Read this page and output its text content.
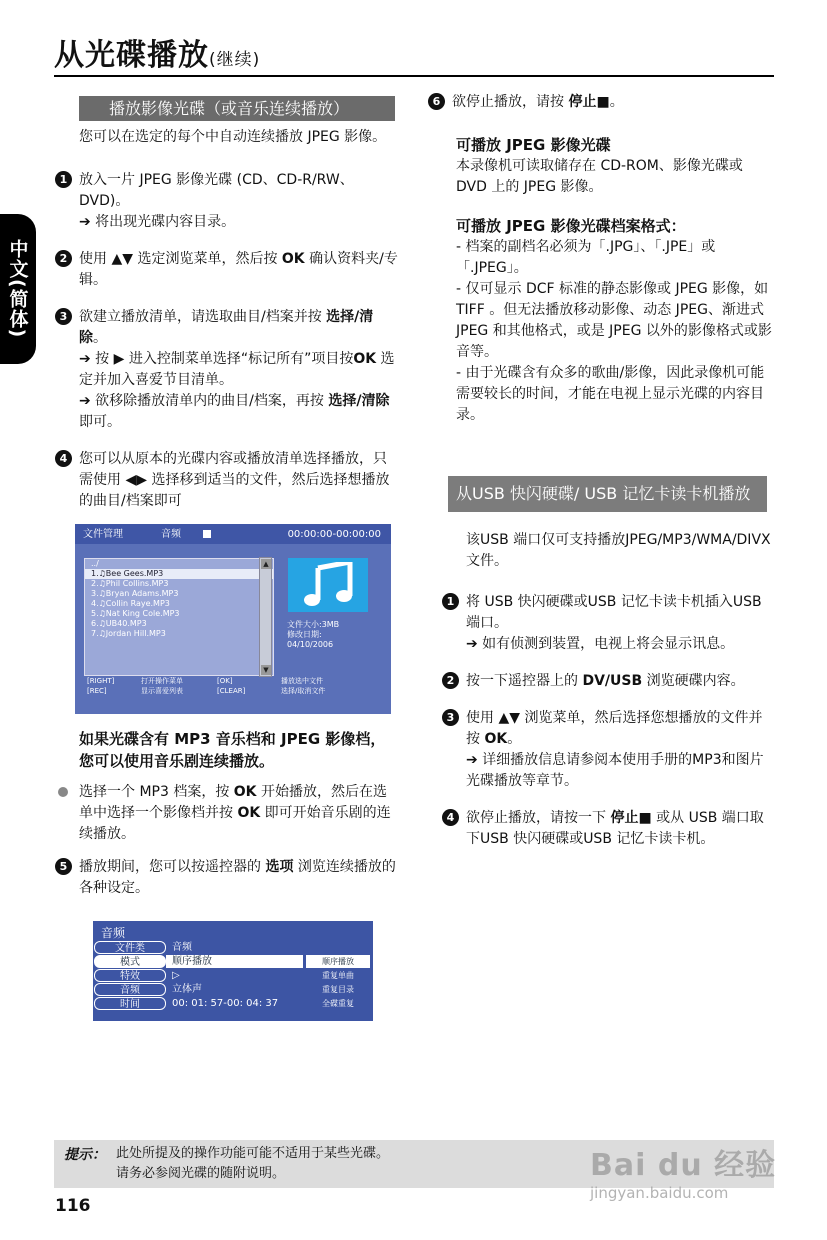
从光碟播放(继续)
中文(简体)
播放影像光碟（或音乐连续播放）

您可以在选定的每个中自动连续播放 JPEG 影像。

1 放入一片 JPEG 影像光碟 (CD、CD-R/RW、DVD)。

➔ 将出现光碟内容目录。

2 使用 ▲▼ 选定浏览菜单，然后按 OK 确认资料夹/专辑。

3 欲建立播放清单，请选取曲目/档案并按 选择/清除。

➔ 按 ▶ 进入控制菜单选择“标记所有”项目按OK 选定并加入喜爱节目清单。

➔ 欲移除播放清单内的曲目/档案，再按 选择/清除 即可。

4 您可以从原本的光碟内容或播放清单选择播放，只需使用 ◀▶ 选择移到适当的文件，然后选择想播放的曲目/档案即可

文件管理	音频	00:00:00-00:00:00
../
1.♫Bee Gees.MP3
2.♫Phil Collins.MP3
3.♫Bryan Adams.MP3
4.♫Collin Raye.MP3
5.♫Nat King Cole.MP3
6.♫UB40.MP3
7.♫Jordan Hill.MP3
▲
▼
文件大小:3MB
修改日期:
04/10/2006
[RIGHT]	打开操作菜单	[OK]	播放选中文件
[REC]	显示喜爱列表	[CLEAR]	选择/取消文件

如果光碟含有 MP3 音乐档和 JPEG 影像档，您可以使用音乐剧连续播放。

选择一个 MP3 档案，按 OK 开始播放，然后在选单中选择一个影像档并按 OK 即可开始音乐剧的连续播放。

5 播放期间，您可以按遥控器的 选项 浏览连续播放的各种设定。

音频
文件类	音频
模式	顺序播放
特效	▷
音频	立体声
时间	00: 01: 57-00: 04: 37
顺序播放
重复单曲
重复目录
全碟重复
6 欲停止播放，请按 停止■。

可播放 JPEG 影像光碟

本录像机可读取储存在 CD-ROM、影像光碟或 DVD 上的 JPEG 影像。

可播放 JPEG 影像光碟档案格式：

- 档案的副档名必须为「.JPG」、「.JPE」或「.JPEG」。

- 仅可显示 DCF 标准的静态影像或 JPEG 影像，如 TIFF 。但无法播放移动影像、动态 JPEG、渐进式 JPEG 和其他格式，或是 JPEG 以外的影像格式或影音等。

- 由于光碟含有众多的歌曲/影像，因此录像机可能需要较长的时间，才能在电视上显示光碟的内容目录。

从USB 快闪硬碟/ USB 记忆卡读卡机播放

该USB 端口仅可支持播放JPEG/MP3/WMA/DIVX文件。

1 将 USB 快闪硬碟或USB 记忆卡读卡机插入USB 端口。

➔ 如有侦测到装置，电视上将会显示讯息。

2 按一下遥控器上的 DV/USB 浏览硬碟内容。

3 使用 ▲▼ 浏览菜单，然后选择您想播放的文件并按 OK。

➔ 详细播放信息请参阅本使用手册的MP3和图片光碟播放等章节。

4 欲停止播放，请按一下 停止■ 或从 USB 端口取下USB 快闪硬碟或USB 记忆卡读卡机。

提示： 此处所提及的操作功能可能不适用于某些光碟。
请务必参阅光碟的随附说明。	Bai du 经验
jingyan.baidu.com
116
